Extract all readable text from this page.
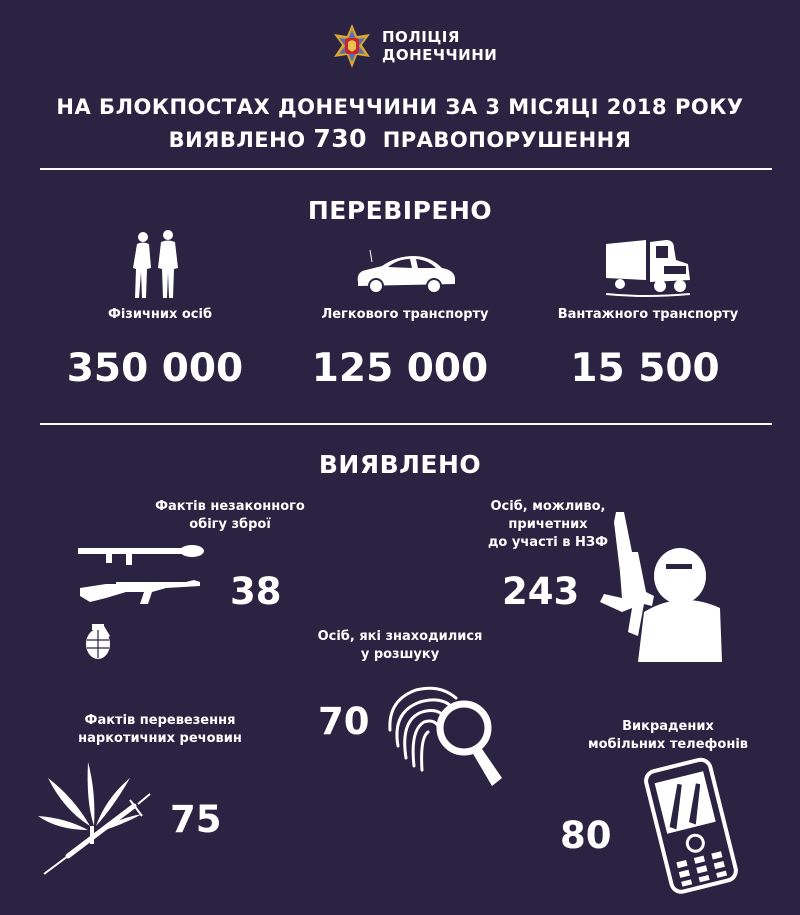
ПОЛІЦІЯ
ДОНЕЧЧИНИ
НА БЛОКПОСТАХ ДОНЕЧЧИНИ ЗА 3 МІСЯЦІ 2018 РОКУ
ВИЯВЛЕНО 730 ПРАВОПОРУШЕННЯ
ПЕРЕВІРЕНО
Фізичних осіб
350 000
Легкового транспорту
125 000
Вантажного транспорту
15 500
ВИЯВЛЕНО
Фактів незаконного
обігу зброї
38
Осіб, можливо,
причетних
до участі в НЗФ
243
Осіб, які знаходилися
у розшуку
70
Фактів перевезення
наркотичних речовин
75
Викрадених
мобільних телефонів
80
